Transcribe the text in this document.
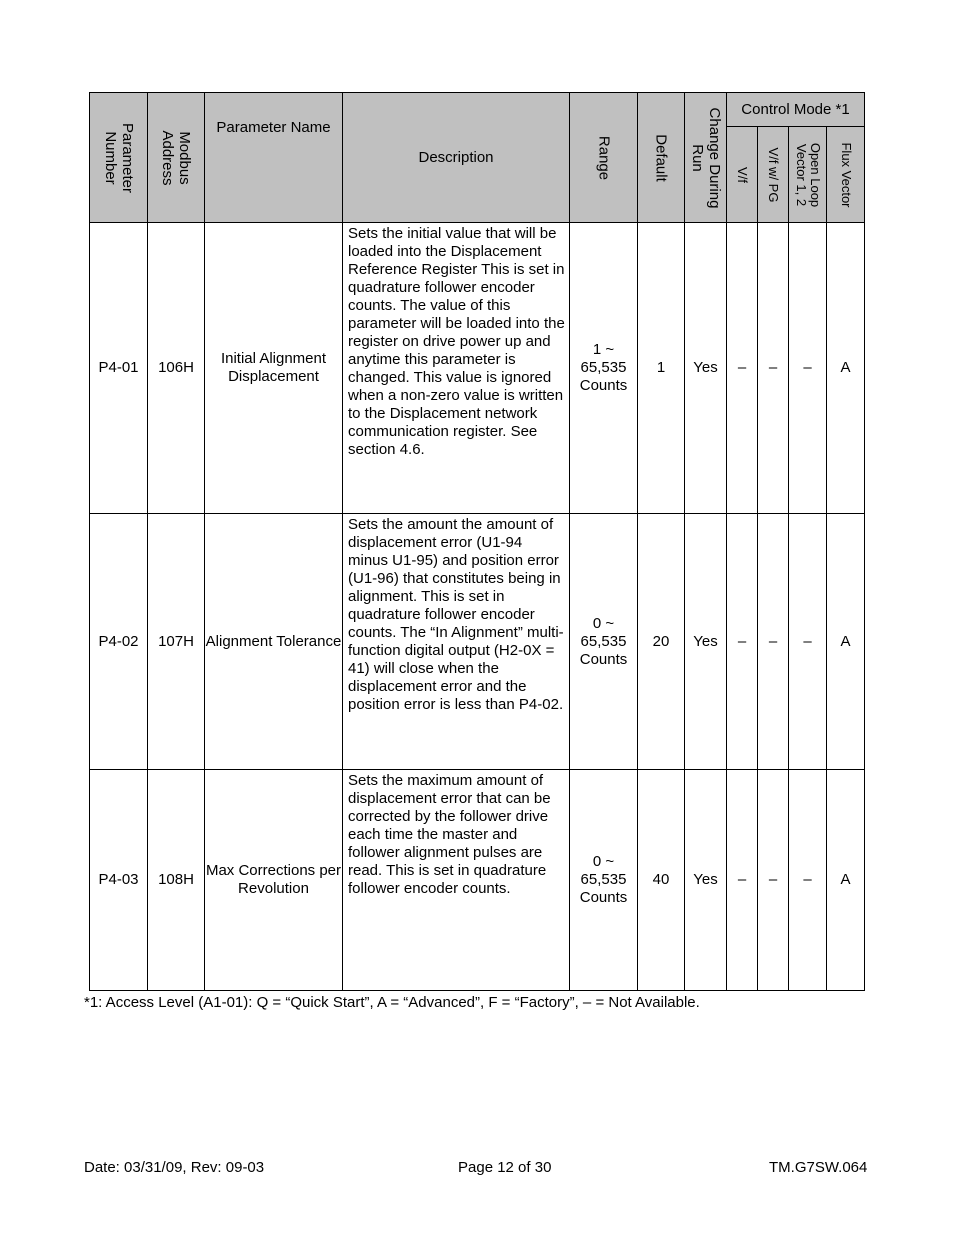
Parameter Number	Modbus Address	Parameter Name	Description	Range	Default	Change During Run	Control Mode *1			

							V/f	V/f w/ PG	Open Loop Vector 1, 2	Flux Vector

P4-01	106H	Initial Alignment Displacement	Sets the initial value that will be loaded into the Displacement Reference Register This is set in quadrature follower encoder counts. The value of this parameter will be loaded into the register on drive power up and anytime this parameter is changed. This value is ignored when a non-zero value is written to the Displacement network communication register. See section 4.6.	1 ~ 65,535 Counts	1	Yes	–	–	–	A
P4-02	107H	Alignment Tolerance	Sets the amount the amount of displacement error (U1-94 minus U1-95) and position error (U1-96) that constitutes being in alignment. This is set in quadrature follower encoder counts. The “In Alignment” multi-function digital output (H2-0X = 41) will close when the displacement error and the position error is less than P4-02.	0 ~ 65,535 Counts	20	Yes	–	–	–	A
P4-03	108H	Max Corrections per Revolution	Sets the maximum amount of displacement error that can be corrected by the follower drive each time the master and follower alignment pulses are read. This is set in quadrature follower encoder counts.	0 ~ 65,535 Counts	40	Yes	–	–	–	A
*1: Access Level (A1-01): Q = “Quick Start”, A = “Advanced”, F = “Factory”, – = Not Available.
Date: 03/31/09, Rev: 09-03	Page 12 of 30	TM.G7SW.064
